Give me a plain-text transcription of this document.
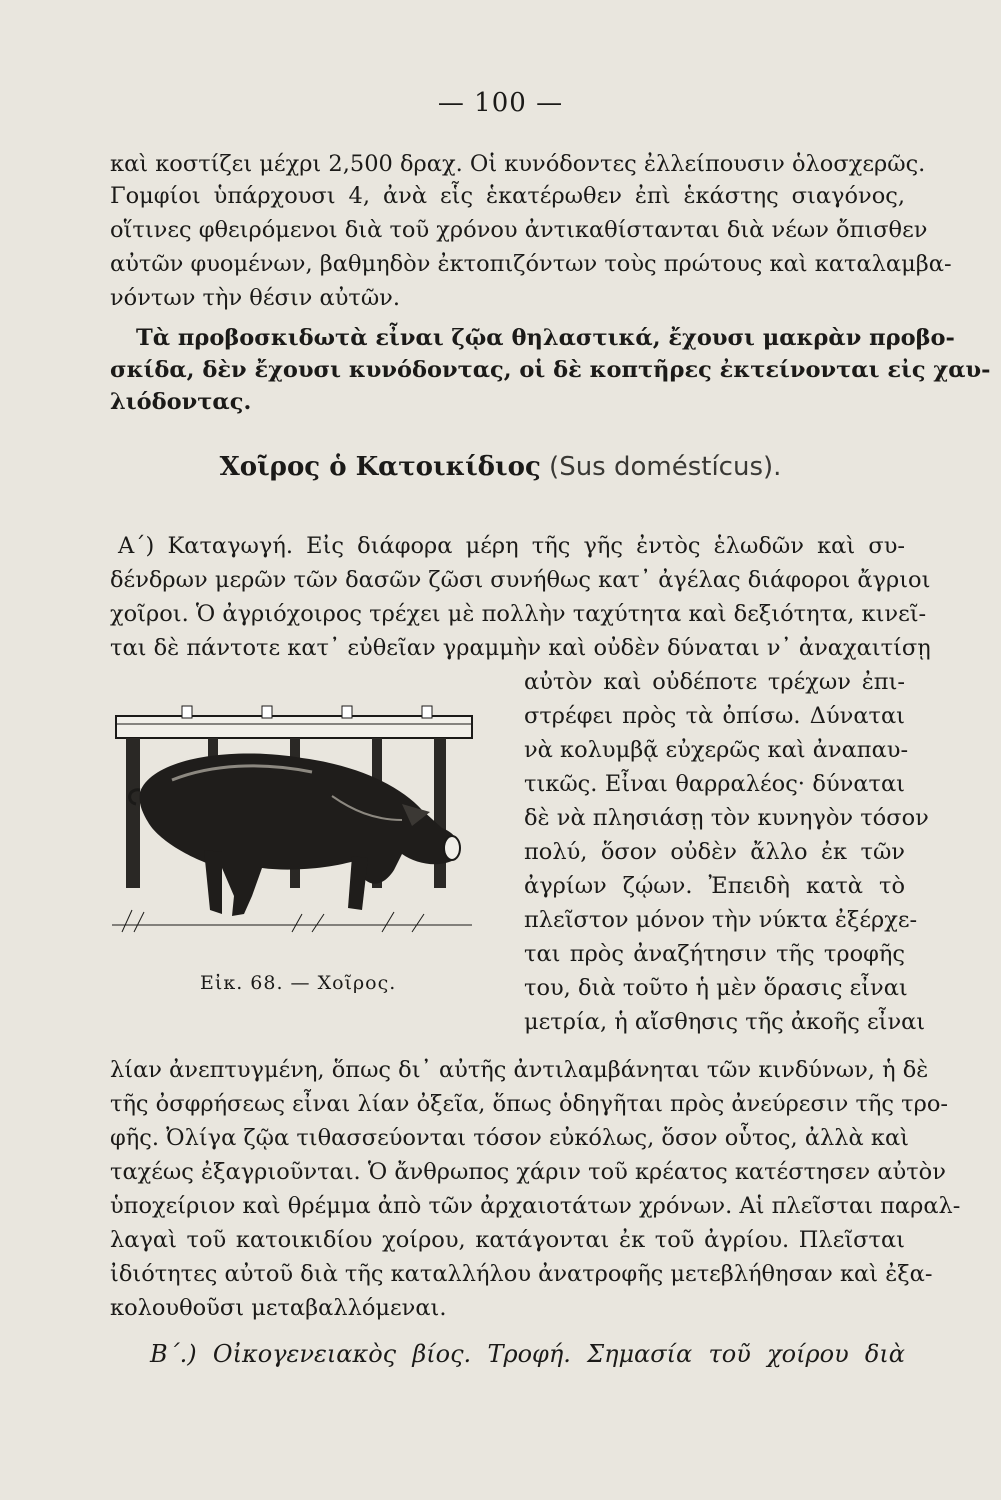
— 100 —
καὶ κοστίζει μέχρι 2,500 δραχ. Οἱ κυνόδοντες ἐλλείπουσιν ὁλοσχερῶς.
Γομφίοι ὑπάρχουσι 4, ἀνὰ εἷς ἑκατέρωθεν ἐπὶ ἑκάστης σιαγόνος,
οἵτινες φθειρόμενοι διὰ τοῦ χρόνου ἀντικαθίστανται διὰ νέων ὄπισθεν
αὐτῶν φυομένων, βαθμηδὸν ἐκτοπιζόντων τοὺς πρώτους καὶ καταλαμβα-
νόντων τὴν θέσιν αὐτῶν.
Τὰ προβοσκιδωτὰ εἶναι ζῷα θηλαστικά, ἔχουσι μακρὰν προβο-
σκίδα, δὲν ἔχουσι κυνόδοντας, οἱ δὲ κοπτῆρες ἐκτείνονται εἰς χαυ-
λιόδοντας.
Χοῖρος ὁ Κατοικίδιος (Sus doméstícus).
Α΄) Καταγωγή. Εἰς διάφορα μέρη τῆς γῆς ἐντὸς ἑλωδῶν καὶ συ-
δένδρων μερῶν τῶν δασῶν ζῶσι συνήθως κατ᾽ ἀγέλας διάφοροι ἄγριοι
χοῖροι. Ὁ ἀγριόχοιρος τρέχει μὲ πολλὴν ταχύτητα καὶ δεξιότητα, κινεῖ-
ται δὲ πάντοτε κατ᾽ εὐθεῖαν γραμμὴν καὶ οὐδὲν δύναται ν᾽ ἀναχαιτίσῃ
αὐτὸν καὶ οὐδέποτε τρέχων ἐπι-
στρέφει πρὸς τὰ ὀπίσω. Δύναται
νὰ κολυμβᾷ εὐχερῶς καὶ ἀναπαυ-
τικῶς. Εἶναι θαρραλέος· δύναται
δὲ νὰ πλησιάσῃ τὸν κυνηγὸν τόσον
πολύ, ὅσον οὐδὲν ἄλλο ἐκ τῶν
ἀγρίων ζῴων. Ἐπειδὴ κατὰ τὸ
πλεῖστον μόνον τὴν νύκτα ἐξέρχε-
ται πρὸς ἀναζήτησιν τῆς τροφῆς
του, διὰ τοῦτο ἡ μὲν ὅρασις εἶναι
μετρία, ἡ αἴσθησις τῆς ἀκοῆς εἶναι
λίαν ἀνεπτυγμένη, ὅπως δι᾽ αὐτῆς ἀντιλαμβάνηται τῶν κινδύνων, ἡ δὲ
τῆς ὀσφρήσεως εἶναι λίαν ὀξεῖα, ὅπως ὁδηγῆται πρὸς ἀνεύρεσιν τῆς τρο-
φῆς. Ὀλίγα ζῷα τιθασσεύονται τόσον εὐκόλως, ὅσον οὗτος, ἀλλὰ καὶ
ταχέως ἐξαγριοῦνται. Ὁ ἄνθρωπος χάριν τοῦ κρέατος κατέστησεν αὐτὸν
ὑποχείριον καὶ θρέμμα ἀπὸ τῶν ἀρχαιοτάτων χρόνων. Αἱ πλεῖσται παραλ-
λαγαὶ τοῦ κατοικιδίου χοίρου, κατάγονται ἐκ τοῦ ἀγρίου. Πλεῖσται
ἰδιότητες αὐτοῦ διὰ τῆς καταλλήλου ἀνατροφῆς μετεβλήθησαν καὶ ἐξα-
κολουθοῦσι μεταβαλλόμεναι.
Β΄.) Οἰκογενειακὸς βίος. Τροφή. Σημασία τοῦ χοίρου διὰ
Εἰκ. 68. — Χοῖρος.
